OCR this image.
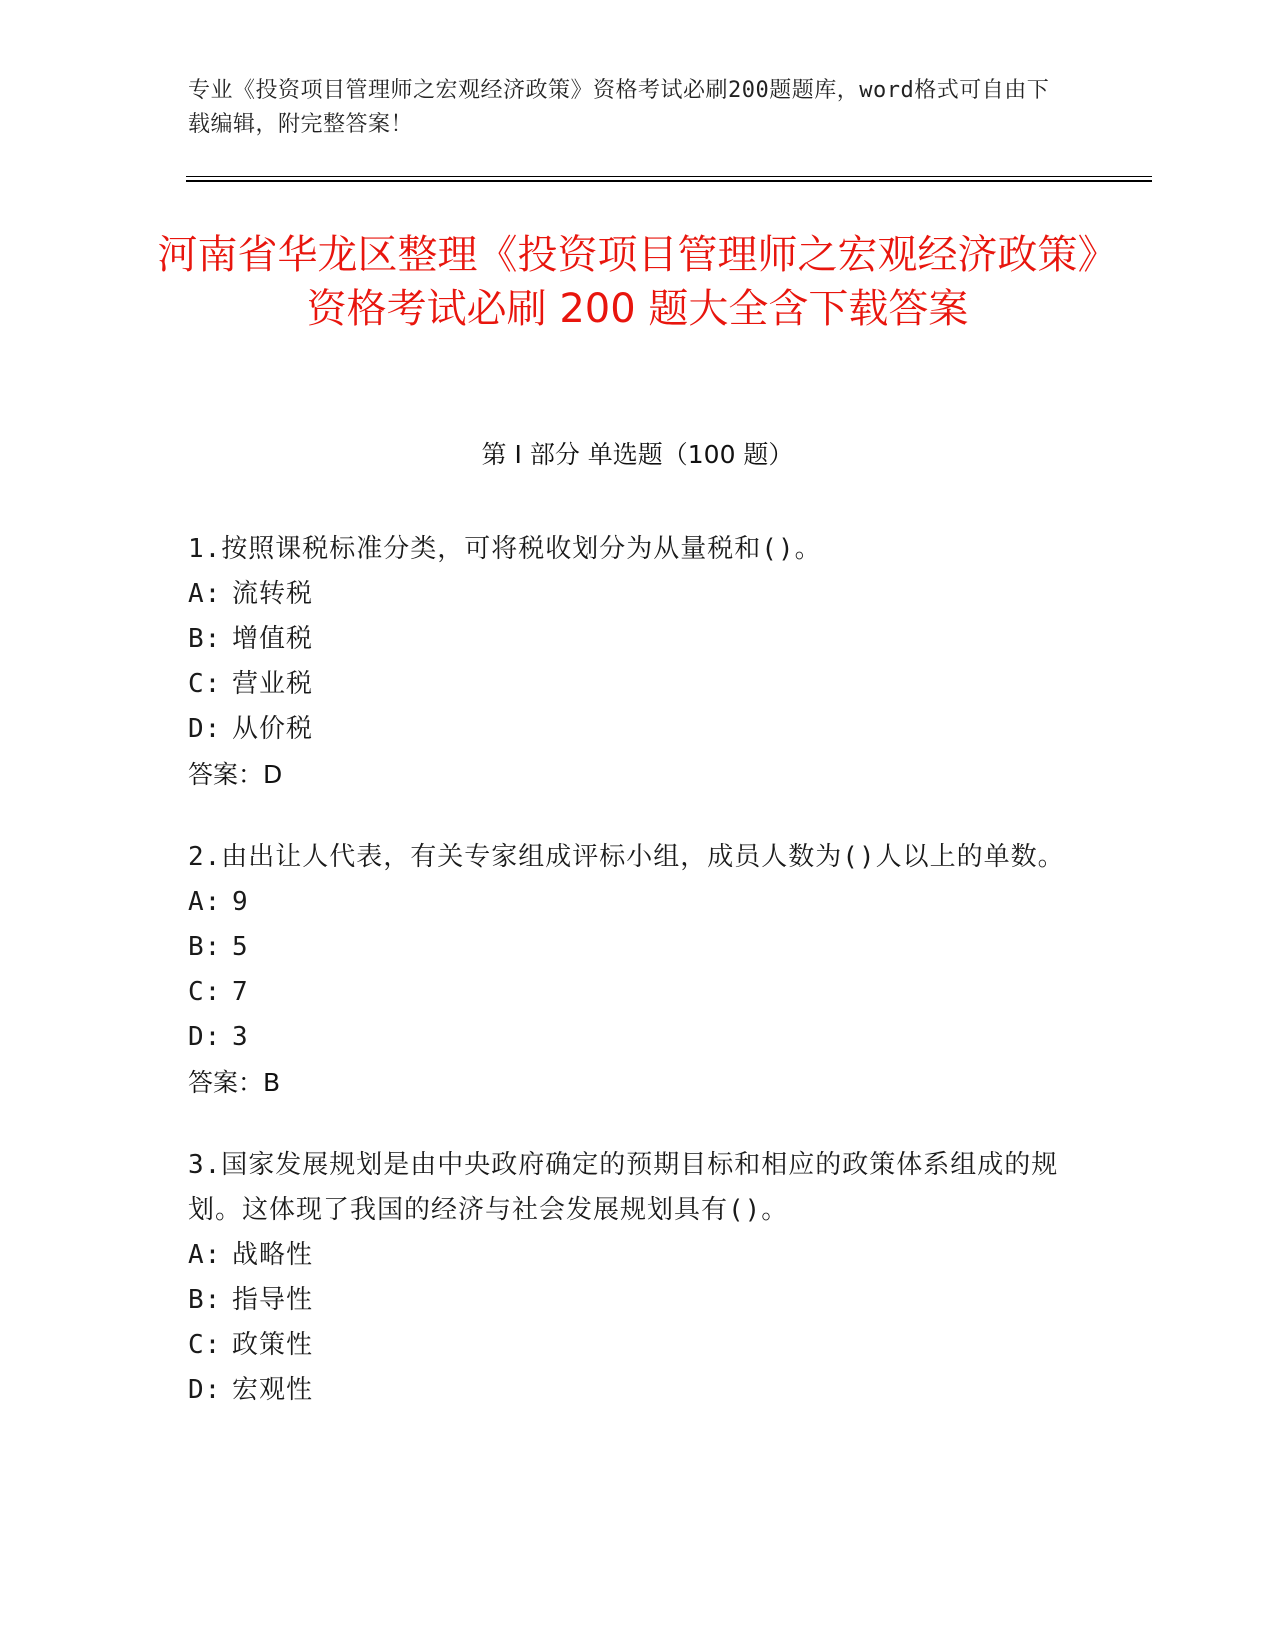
专业《投资项目管理师之宏观经济政策》资格考试必刷200题题库，word格式可自由下载编辑，附完整答案！
河南省华龙区整理《投资项目管理师之宏观经济政策》资格考试必刷 200 题大全含下载答案
第 I 部分 单选题（100 题）
1.按照课税标准分类，可将税收划分为从量税和()。
A: 流转税
B: 增值税
C: 营业税
D: 从价税
答案：D
2.由出让人代表，有关专家组成评标小组，成员人数为()人以上的单数。
A: 9
B: 5
C: 7
D: 3
答案：B
3.国家发展规划是由中央政府确定的预期目标和相应的政策体系组成的规划。这体现了我国的经济与社会发展规划具有()。
A: 战略性
B: 指导性
C: 政策性
D: 宏观性
